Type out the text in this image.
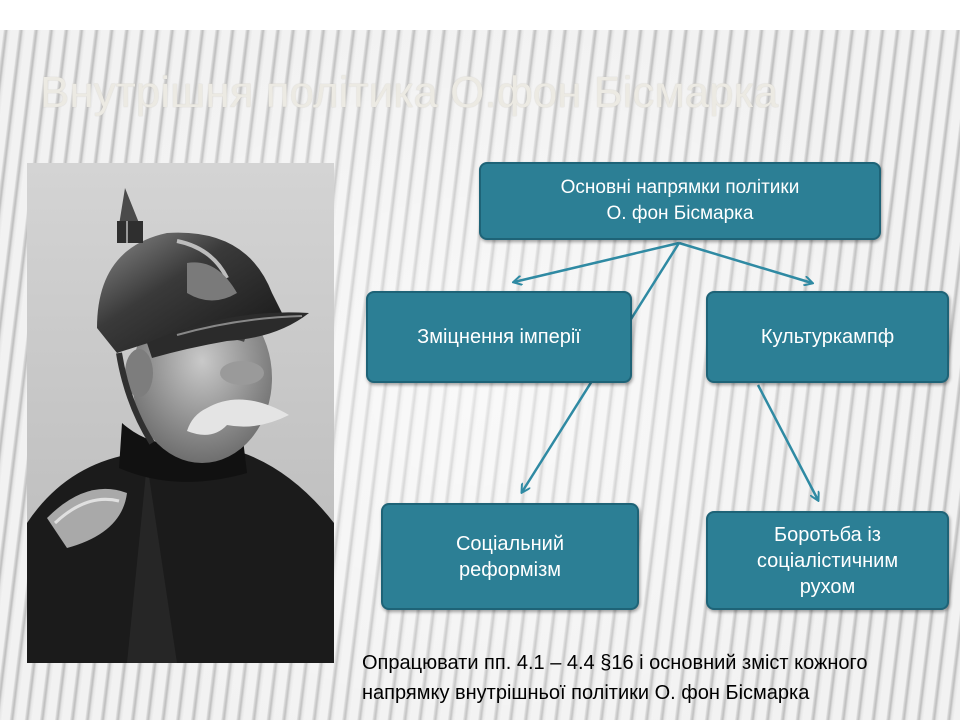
Внутрішня політика О.фон Бісмарка
Основні напрямки політики
О. фон Бісмарка
Зміцнення імперії	Культуркампф
Соціальний
реформізм
Боротьба із
соціалістичним
рухом

Опрацювати пп. 4.1 – 4.4 §16 і основний зміст кожного напрямку внутрішньої політики О. фон Бісмарка
